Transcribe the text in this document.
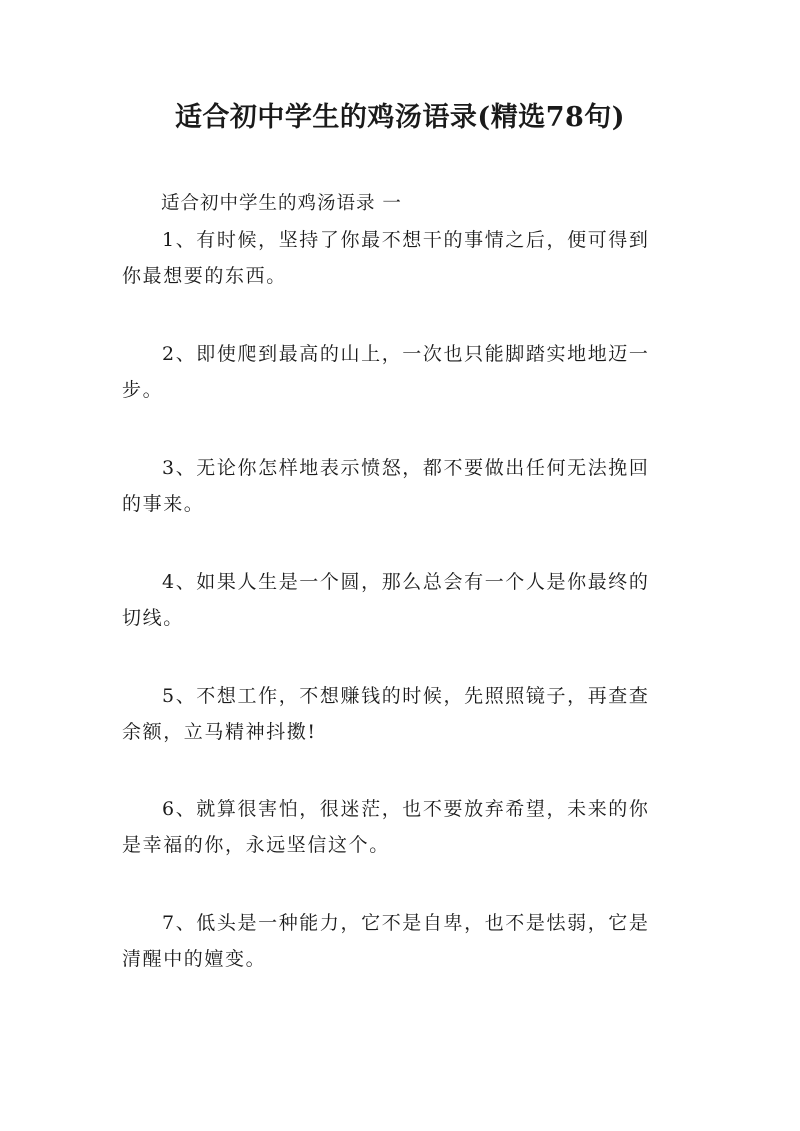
适合初中学生的鸡汤语录(精选78句)

适合初中学生的鸡汤语录 一

1、有时候，坚持了你最不想干的事情之后，便可得到
你最想要的东西。

2、即使爬到最高的山上，一次也只能脚踏实地地迈一
步。

3、无论你怎样地表示愤怒，都不要做出任何无法挽回
的事来。

4、如果人生是一个圆，那么总会有一个人是你最终的
切线。

5、不想工作，不想赚钱的时候，先照照镜子，再查查
余额，立马精神抖擞!

6、就算很害怕，很迷茫，也不要放弃希望，未来的你
是幸福的你，永远坚信这个。

7、低头是一种能力，它不是自卑，也不是怯弱，它是
清醒中的嬗变。
